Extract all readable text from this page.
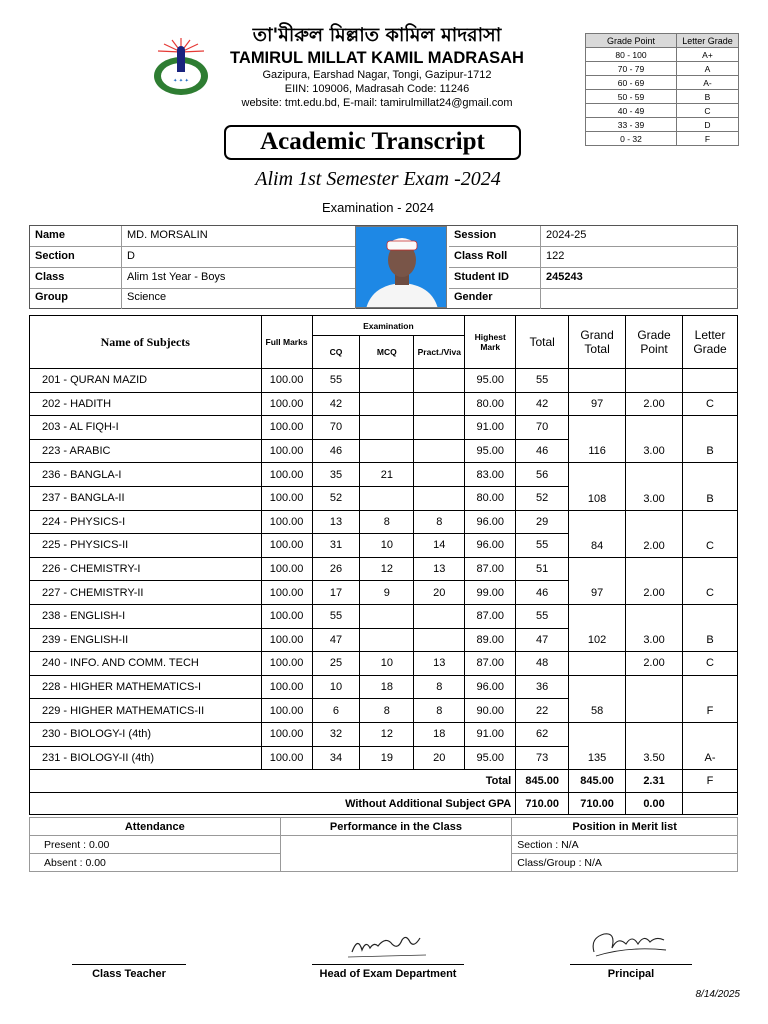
✦ ✦ ✦
তা'মীরুল মিল্লাত কামিল মাদরাসা
TAMIRUL MILLAT KAMIL MADRASAH
Gazipura, Earshad Nagar, Tongi, Gazipur-1712
EIIN: 109006, Madrasah Code: 11246
website: tmt.edu.bd, E-mail: tamirulmillat24@gmail.com
Grade Point	Letter Grade
80 - 100	A+
70 - 79	A
60 - 69	A-
50 - 59	B
40 - 49	C
33 - 39	D
0 - 32	F
Academic Transcript
Alim 1st Semester Exam -2024
Examination - 2024
Name	MD. MORSALIN
Section	D
Class	Alim 1st Year - Boys
Group	Science
Session	2024-25
Class Roll	122
Student ID	245243
Gender
Name of Subjects	Full Marks	Examination			Highest Mark	Total	Grand Total	Grade Point	Letter Grade
		CQ	MCQ	Pract./Viva					
201 - QURAN MAZID	100.00	55			95.00	55			
202 - HADITH	100.00	42			80.00	42	97	2.00	C
203 - AL FIQH-I	100.00	70			91.00	70	116	3.00	B
223 - ARABIC	100.00	46			95.00	46			
236 - BANGLA-I	100.00	35	21		83.00	56	108	3.00	B
237 - BANGLA-II	100.00	52			80.00	52			
224 - PHYSICS-I	100.00	13	8	8	96.00	29	84	2.00	C
225 - PHYSICS-II	100.00	31	10	14	96.00	55			
226 - CHEMISTRY-I	100.00	26	12	13	87.00	51	97	2.00	C
227 - CHEMISTRY-II	100.00	17	9	20	99.00	46			
238 - ENGLISH-I	100.00	55			87.00	55	102	3.00	B
239 - ENGLISH-II	100.00	47			89.00	47			
240 - INFO. AND COMM. TECH	100.00	25	10	13	87.00	48		2.00	C
228 - HIGHER MATHEMATICS-I	100.00	10	18	8	96.00	36	58		F
229 - HIGHER MATHEMATICS-II	100.00	6	8	8	90.00	22			
230 - BIOLOGY-I (4th)	100.00	32	12	18	91.00	62	135	3.50	A-
231 - BIOLOGY-II (4th)	100.00	34	19	20	95.00	73			
Total						845.00	845.00	2.31	F
Without Additional Subject GPA						710.00	710.00	0.00	
Attendance	Performance in the Class	Position in Merit list
Present : 0.00		Section : N/A
Absent : 0.00		Class/Group : N/A
Class Teacher	Head of Exam Department	Principal
8/14/2025
